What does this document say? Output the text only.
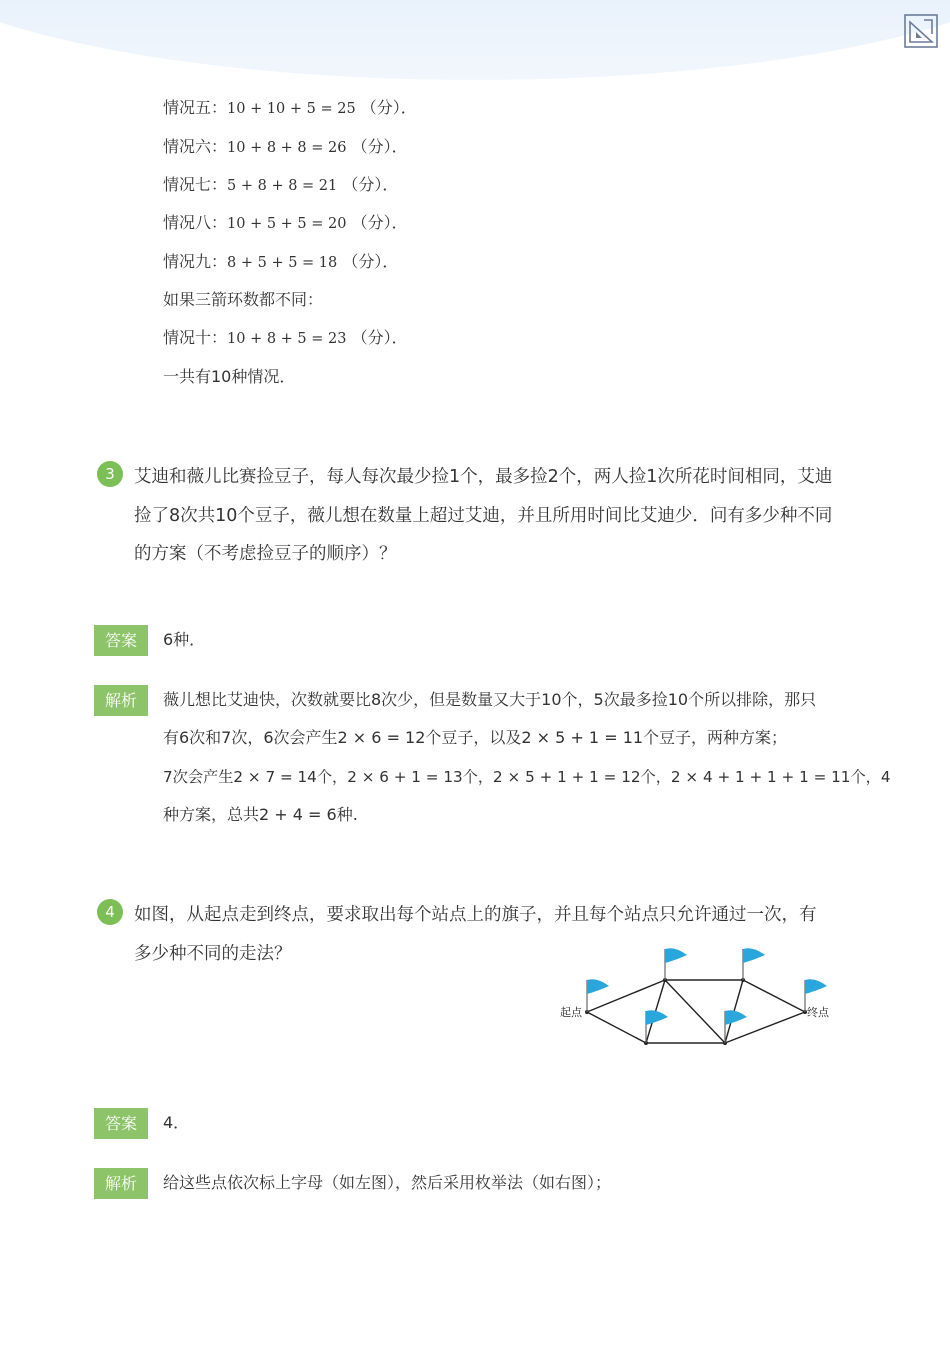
情况五：10 + 10 + 5 = 25 （分）．
情况六：10 + 8 + 8 = 26 （分）．
情况七：5 + 8 + 8 = 21 （分）．
情况八：10 + 5 + 5 = 20 （分）．
情况九：8 + 5 + 5 = 18 （分）．
如果三箭环数都不同：
情况十：10 + 8 + 5 = 23 （分）．
一共有10种情况．
3	艾迪和薇儿比赛捡豆子，每人每次最少捡1个，最多捡2个，两人捡1次所花时间相同，艾迪
捡了8次共10个豆子，薇儿想在数量上超过艾迪，并且所用时间比艾迪少．问有多少种不同
的方案（不考虑捡豆子的顺序）？
答案	6种．
解析	薇儿想比艾迪快，次数就要比8次少，但是数量又大于10个，5次最多捡10个所以排除，那只
有6次和7次，6次会产生2 × 6 = 12个豆子，以及2 × 5 + 1 = 11个豆子，两种方案；
7次会产生2 × 7 = 14个，2 × 6 + 1 = 13个，2 × 5 + 1 + 1 = 12个，2 × 4 + 1 + 1 + 1 = 11个，4
种方案，总共2 + 4 = 6种.
4	如图，从起点走到终点，要求取出每个站点上的旗子，并且每个站点只允许通过一次，有
多少种不同的走法？
起点	终点
答案	4．
解析	给这些点依次标上字母（如左图），然后采用枚举法（如右图）；
